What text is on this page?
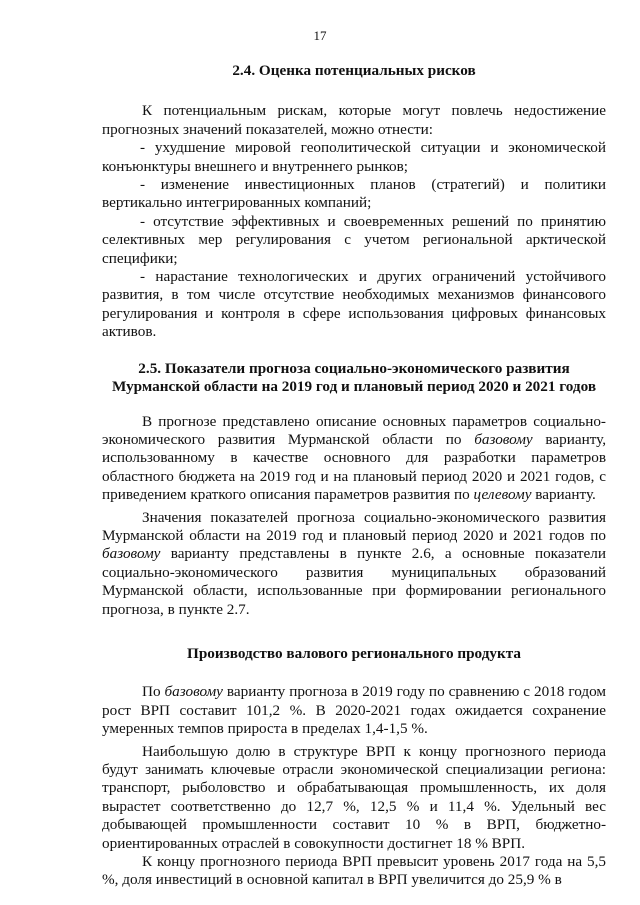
17
2.4. Оценка потенциальных рисков
К потенциальным рискам, которые могут повлечь недостижение прогнозных значений показателей, можно отнести:
- ухудшение мировой геополитической ситуации и экономической конъюнктуры внешнего и внутреннего рынков;
- изменение инвестиционных планов (стратегий) и политики вертикально интегрированных компаний;
- отсутствие эффективных и своевременных решений по принятию селективных мер регулирования с учетом региональной арктической специфики;
- нарастание технологических и других ограничений устойчивого развития, в том числе отсутствие необходимых механизмов финансового регулирования и контроля в сфере использования цифровых финансовых активов.
2.5. Показатели прогноза социально-экономического развития
Мурманской области на 2019 год и плановый период 2020 и 2021 годов
В прогнозе представлено описание основных параметров социально-экономического развития Мурманской области по базовому варианту, использованному в качестве основного для разработки параметров областного бюджета на 2019 год и на плановый период 2020 и 2021 годов, с приведением краткого описания параметров развития по целевому варианту.
Значения показателей прогноза социально-экономического развития Мурманской области на 2019 год и плановый период 2020 и 2021 годов по базовому варианту представлены в пункте 2.6, а основные показатели социально-экономического развития муниципальных образований Мурманской области, использованные при формировании регионального прогноза, в пункте 2.7.
Производство валового регионального продукта
По базовому варианту прогноза в 2019 году по сравнению с 2018 годом рост ВРП составит 101,2 %. В 2020-2021 годах ожидается сохранение умеренных темпов прироста в пределах 1,4-1,5 %.
Наибольшую долю в структуре ВРП к концу прогнозного периода будут занимать ключевые отрасли экономической специализации региона: транспорт, рыболовство и обрабатывающая промышленность, их доля вырастет соответственно до 12,7 %, 12,5 % и 11,4 %. Удельный вес добывающей промышленности составит 10 % в ВРП, бюджетно-ориентированных отраслей в совокупности достигнет 18 % ВРП.
К концу прогнозного периода ВРП превысит уровень 2017 года на 5,5 %, доля инвестиций в основной капитал в ВРП увеличится до 25,9 % в
